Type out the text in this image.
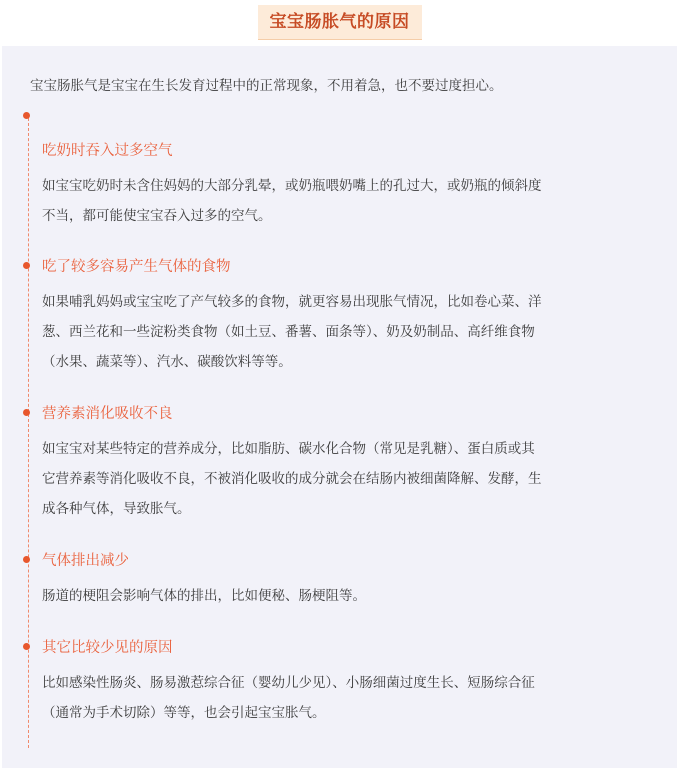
宝宝肠胀气的原因
宝宝肠胀气是宝宝在生长发育过程中的正常现象，不用着急，也不要过度担心。
吃奶时吞入过多空气
如宝宝吃奶时未含住妈妈的大部分乳晕，或奶瓶喂奶嘴上的孔过大，或奶瓶的倾斜度
不当，都可能使宝宝吞入过多的空气。
吃了较多容易产生气体的食物
如果哺乳妈妈或宝宝吃了产气较多的食物，就更容易出现胀气情况，比如卷心菜、洋
葱、西兰花和一些淀粉类食物（如土豆、番薯、面条等）、奶及奶制品、高纤维食物
（水果、蔬菜等）、汽水、碳酸饮料等等。
营养素消化吸收不良
如宝宝对某些特定的营养成分，比如脂肪、碳水化合物（常见是乳糖）、蛋白质或其
它营养素等消化吸收不良，不被消化吸收的成分就会在结肠内被细菌降解、发酵，生
成各种气体，导致胀气。
气体排出减少
肠道的梗阻会影响气体的排出，比如便秘、肠梗阻等。
其它比较少见的原因
比如感染性肠炎、肠易激惹综合征（婴幼儿少见）、小肠细菌过度生长、短肠综合征
（通常为手术切除）等等，也会引起宝宝胀气。
